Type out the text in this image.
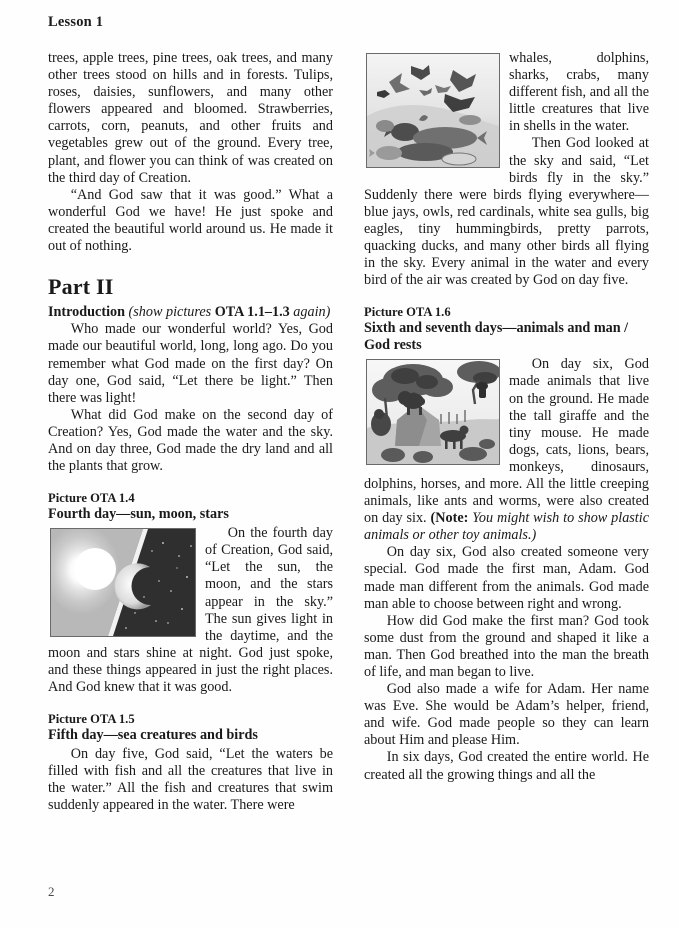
Lesson 1

trees, apple trees, pine trees, oak trees, and many other trees stood on hills and in forests. Tulips, roses, daisies, sunflowers, and many other flowers appeared and bloomed. Strawberries, carrots, corn, peanuts, and other fruits and vegetables grew out of the ground. Every tree, plant, and flower you can think of was created on the third day of Creation.

“And God saw that it was good.” What a wonderful God we have! He just spoke and created the beautiful world around us. He made it out of nothing.

Part II
Introduction (show pictures OTA 1.1–1.3 again)

Who made our wonderful world? Yes, God made our beautiful world, long, long ago. Do you remember what God made on the first day? On day one, God said, “Let there be light.” Then there was light!

What did God make on the second day of Creation? Yes, God made the water and the sky. And on day three, God made the dry land and all the plants that grow.

Picture OTA 1.4
Fourth day—sun, moon, stars

On the fourth day of Creation, God said, “Let the sun, the moon, and the stars appear in the sky.” The sun gives light in the daytime, and the moon and stars shine at night. God just spoke, and these things appeared in just the right places. And God knew that it was good.

Picture OTA 1.5
Fifth day—sea creatures and birds

On day five, God said, “Let the waters be filled with fish and all the creatures that live in the water.” All the fish and creatures that swim suddenly appeared in the water. There were

whales, dolphins, sharks, crabs, many different fish, and all the little creatures that live in shells in the water.

Then God looked at the sky and said, “Let birds fly in the sky.” Suddenly there were birds flying everywhere—blue jays, owls, red cardinals, white sea gulls, big eagles, tiny hummingbirds, pretty parrots, quacking ducks, and many other birds all flying in the sky. Every animal in the water and every bird of the air was created by God on day five.

Picture OTA 1.6
Sixth and seventh days—animals and man /
God rests

On day six, God made animals that live on the ground. He made the tall giraffe and the tiny mouse. He made dogs, cats, lions, bears, monkeys, dinosaurs, dolphins, horses, and more. All the little creeping animals, like ants and worms, were also created on day six. (Note: You might wish to show plastic animals or other toy animals.)

On day six, God also created someone very special. God made the first man, Adam. God made man different from the animals. God made man able to choose between right and wrong.

How did God make the first man? God took some dust from the ground and shaped it like a man. Then God breathed into the man the breath of life, and man began to live.

God also made a wife for Adam. Her name was Eve. She would be Adam’s helper, friend, and wife. God made people so they can learn about Him and please Him.

In six days, God created the entire world. He created all the growing things and all the

2
